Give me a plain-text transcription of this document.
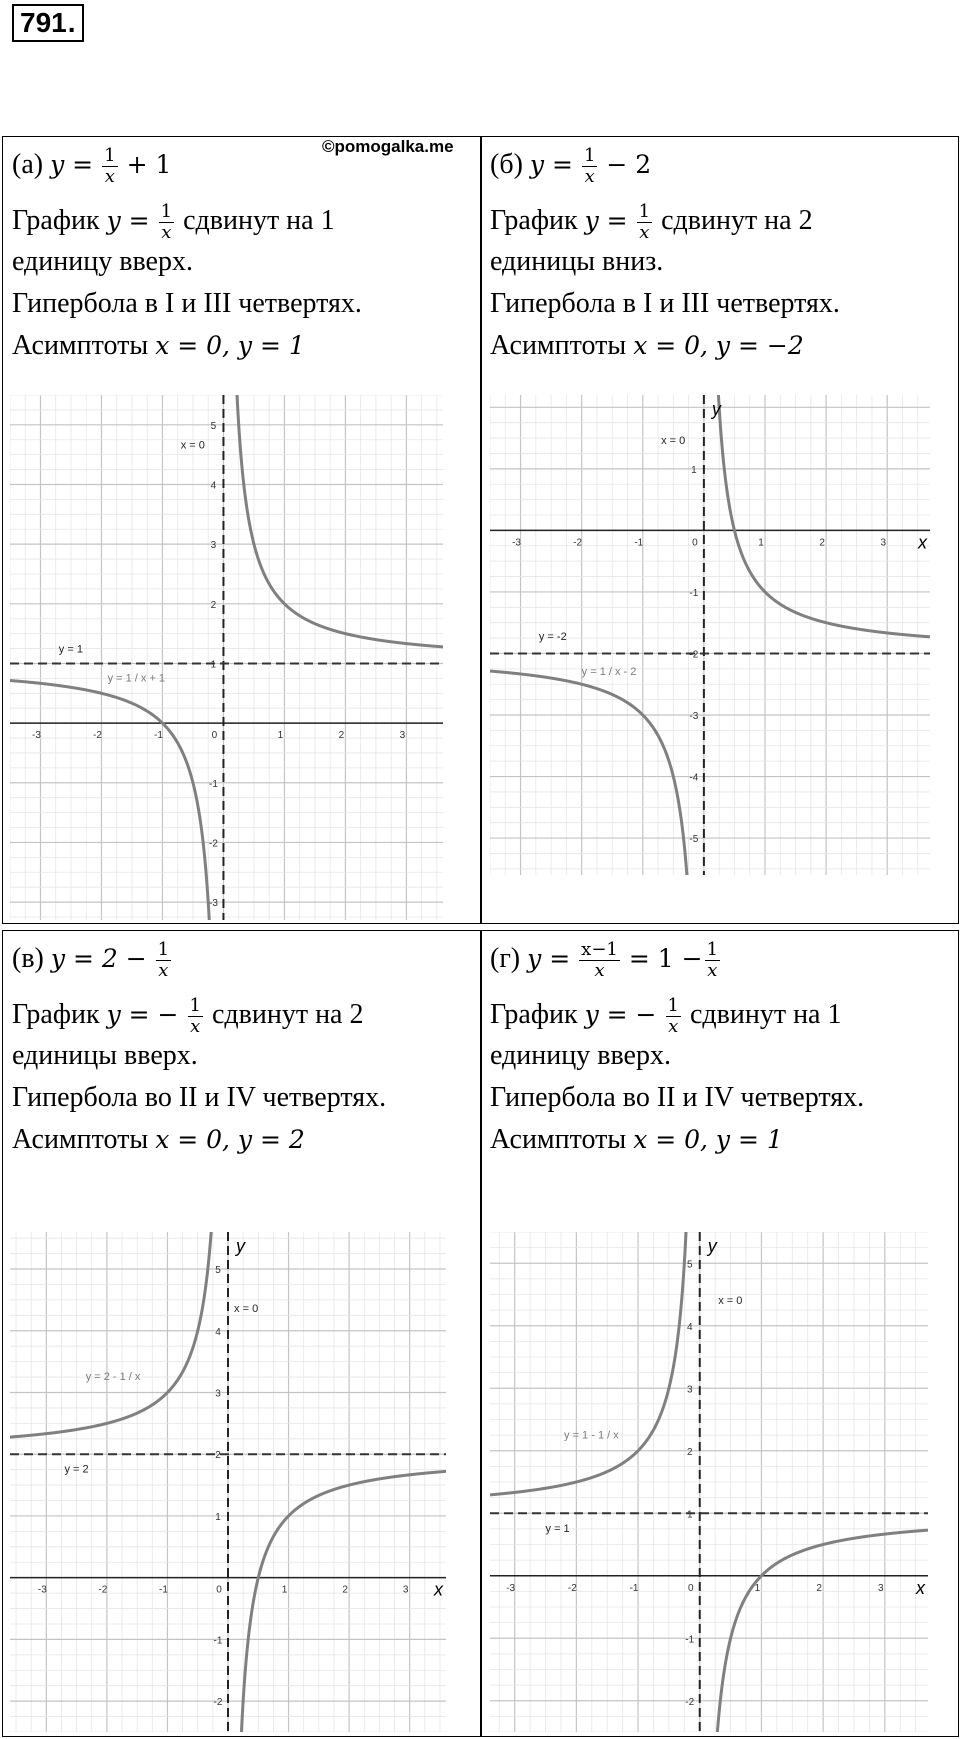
791.
©pomogalka.me
(а) $y = \frac{1}{x} + 1$
График $y = \frac{1}{x}$ сдвинут на 1
единицу вверх.
Гипербола в I и III четвертях.
Асимптоты x = 0, y = 1
(б) $y = \frac{1}{x} - 2$
График $y = \frac{1}{x}$ сдвинут на 2
единицы вниз.
Гипербола в I и III четвертях.
Асимптоты x = 0, y = −2
(в) $y = 2 - \frac{1}{x}$
График y = − $\frac{1}{x}$ сдвинут на 2
единицы вверх.
Гипербола во II и IV четвертях.
Асимптоты x = 0, y = 2
(г) $y = \frac{x-1}{x} = 1 - \frac{1}{x}$
График y = − $\frac{1}{x}$ сдвинут на 1
единицу вверх.
Гипербола во II и IV четвертях.
Асимптоты x = 0, y = 1
-3	-2	-1	0	1	2	3
5
4
3
2
1
-1
-2
-3
y = 1 / x + 1
y = 1
x = 0
-3	-2	-1	0	1	2	3
1
-1
-2
-3
-4
-5
y = 1 / x - 2
y = -2
x = 0
x
y
-3	-2	-1	0	1	2	3
5
4
3
2
1
-1
-2
y = 2 - 1 / x
y = 2
x = 0
x
y
-3	-2	-1	0	1	2	3
5
4
3
2
1
-1
-2
y = 1 - 1 / x
y = 1
x = 0
x
y
